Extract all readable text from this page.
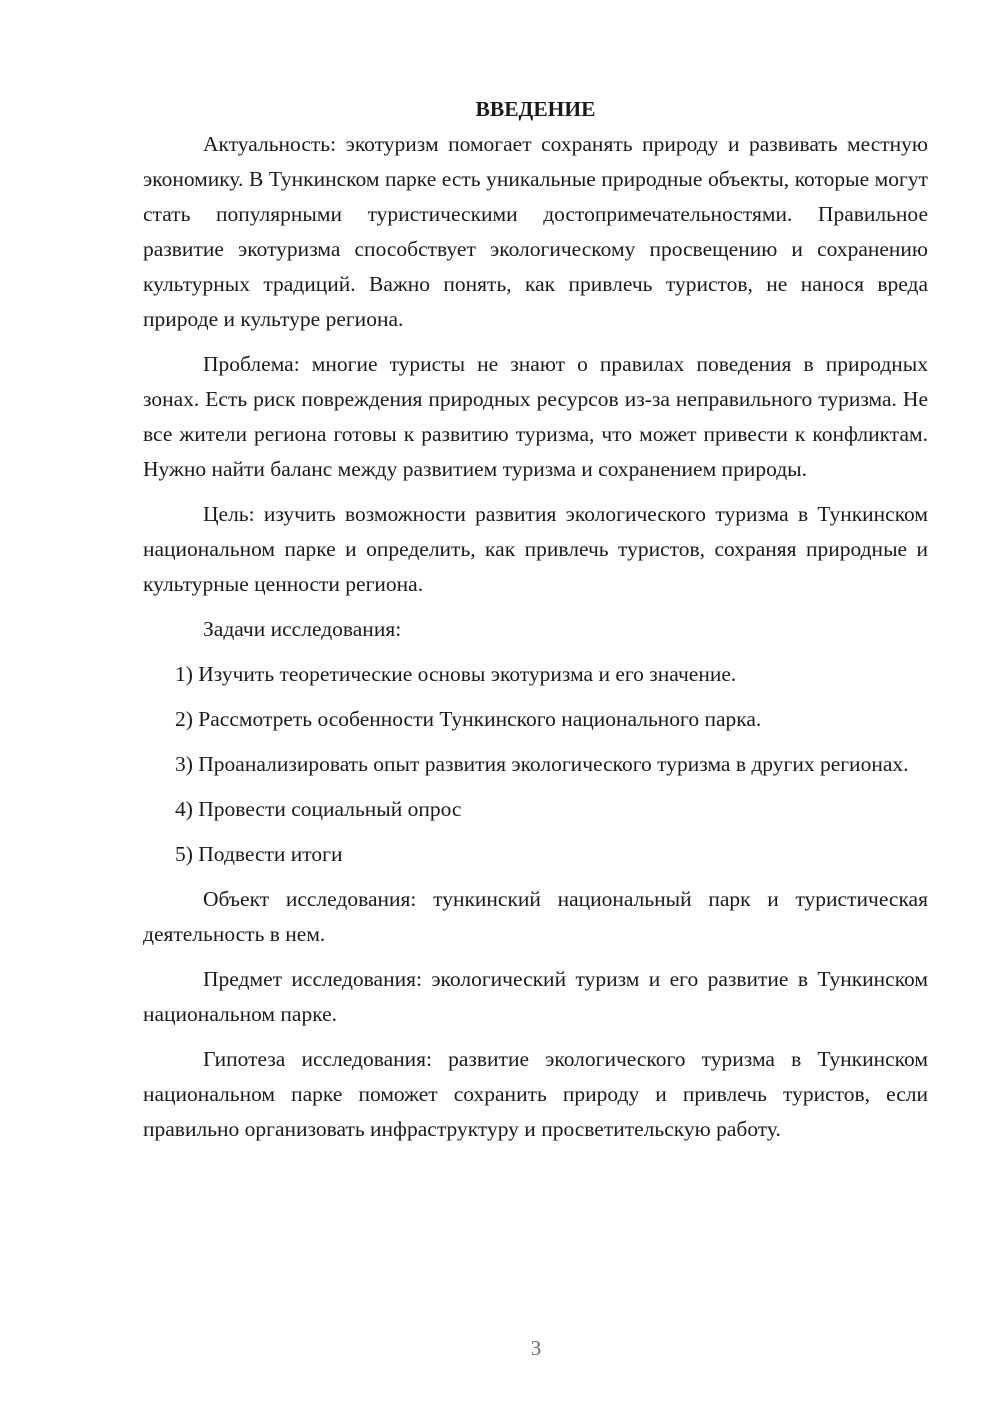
ВВЕДЕНИЕ

Актуальность: экотуризм помогает сохранять природу и развивать местную экономику. В Тункинском парке есть уникальные природные объекты, которые могут стать популярными туристическими достопримечательностями. Правильное развитие экотуризма способствует экологическому просвещению и сохранению культурных традиций. Важно понять, как привлечь туристов, не нанося вреда природе и культуре региона.

Проблема: многие туристы не знают о правилах поведения в природных зонах. Есть риск повреждения природных ресурсов из-за неправильного туризма. Не все жители региона готовы к развитию туризма, что может привести к конфликтам. Нужно найти баланс между развитием туризма и сохранением природы.

Цель: изучить возможности развития экологического туризма в Тункинском национальном парке и определить, как привлечь туристов, сохраняя природные и культурные ценности региона.

Задачи исследования:

1) Изучить теоретические основы экотуризма и его значение.

2) Рассмотреть особенности Тункинского национального парка.

3) Проанализировать опыт развития экологического туризма в других регионах.

4) Провести социальный опрос

5) Подвести итоги

Объект исследования: тункинский национальный парк и туристическая деятельность в нем.

Предмет исследования: экологический туризм и его развитие в Тункинском национальном парке.

Гипотеза исследования: развитие экологического туризма в Тункинском национальном парке поможет сохранить природу и привлечь туристов, если правильно организовать инфраструктуру и просветительскую работу.

3
